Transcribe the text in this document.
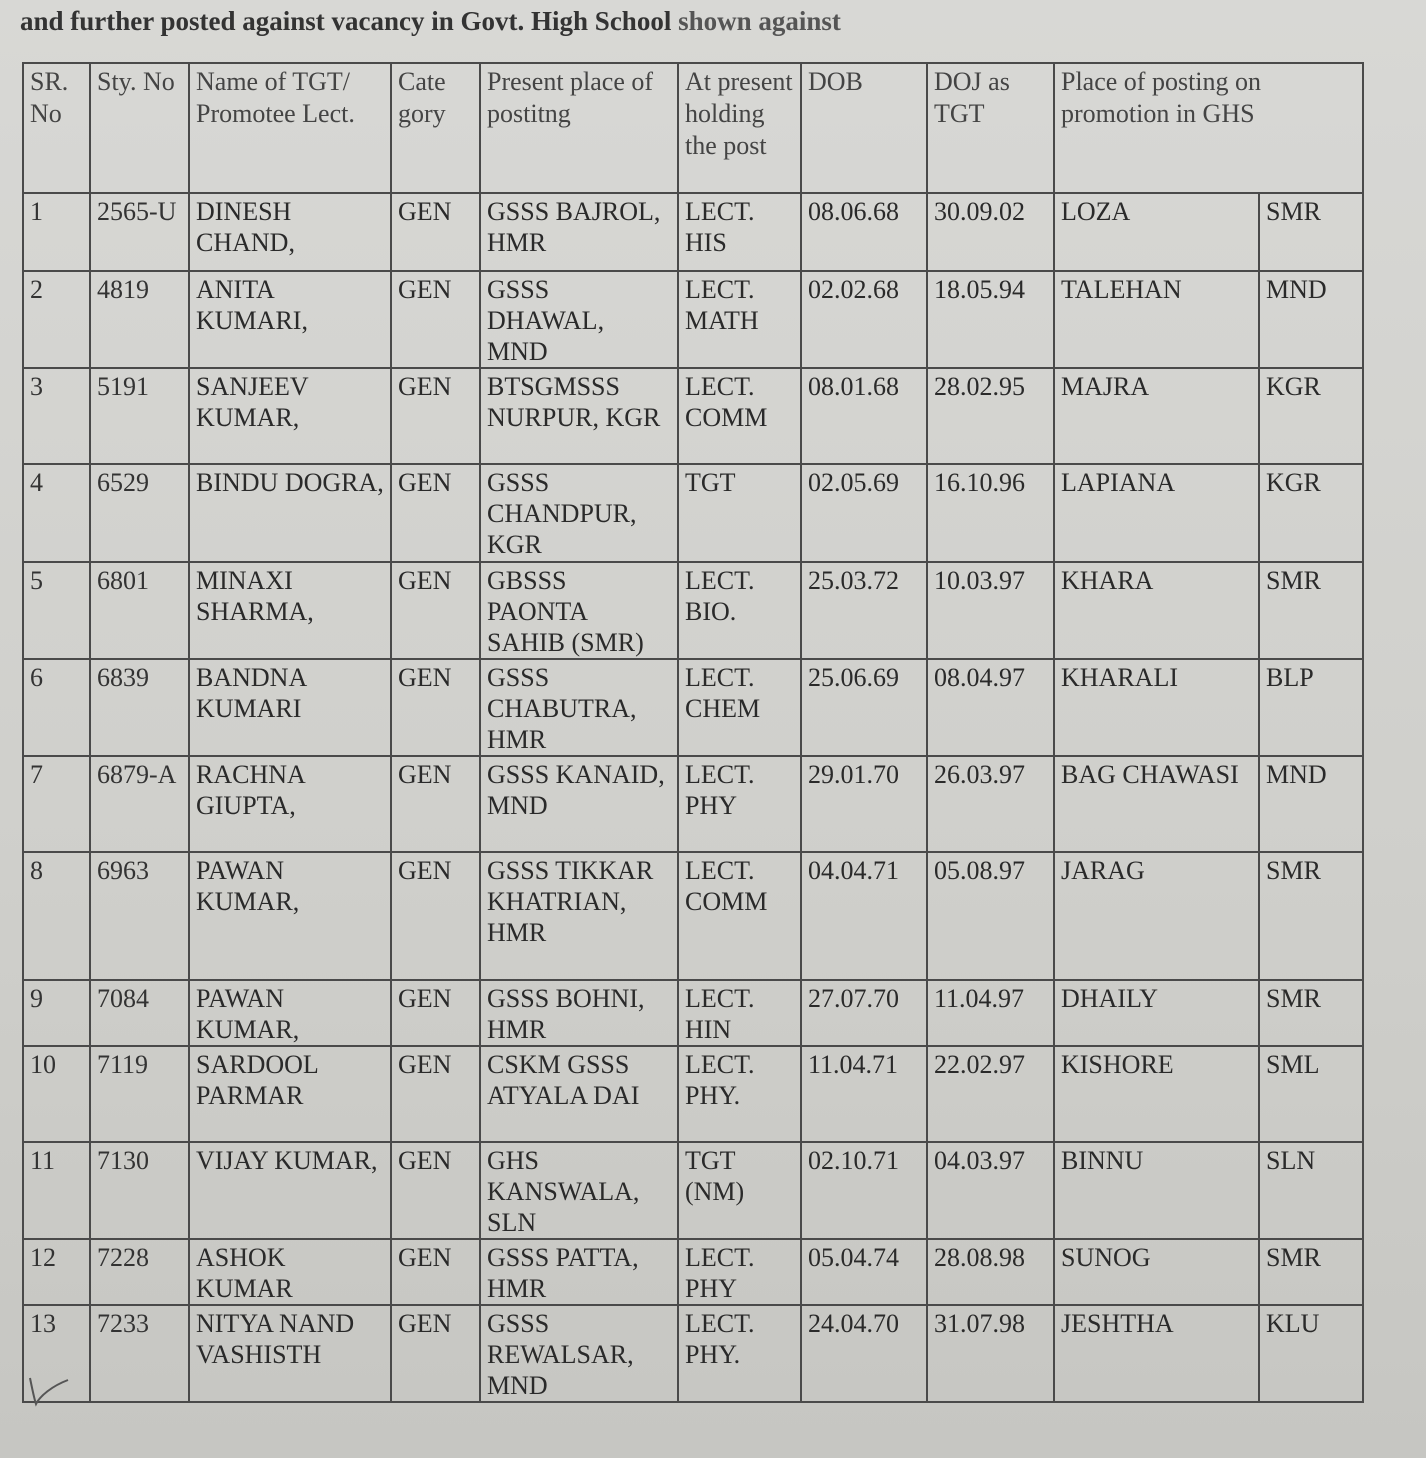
and further posted against vacancy in Govt. High School shown against
SR. No	Sty. No	Name of TGT/ Promotee Lect.	Cate gory	Present place of postitng	At present holding the post	DOB	DOJ as TGT	Place of posting on promotion in GHS	
1	2565-U	DINESH CHAND,	GEN	GSSS BAJROL, HMR	LECT. HIS	08.06.68	30.09.02	LOZA	SMR
2	4819	ANITA KUMARI,	GEN	GSSS DHAWAL, MND	LECT. MATH	02.02.68	18.05.94	TALEHAN	MND
3	5191	SANJEEV KUMAR,	GEN	BTSGMSSS NURPUR, KGR	LECT. COMM	08.01.68	28.02.95	MAJRA	KGR
4	6529	BINDU DOGRA,	GEN	GSSS CHANDPUR, KGR	TGT	02.05.69	16.10.96	LAPIANA	KGR
5	6801	MINAXI SHARMA,	GEN	GBSSS PAONTA SAHIB (SMR)	LECT. BIO.	25.03.72	10.03.97	KHARA	SMR
6	6839	BANDNA KUMARI	GEN	GSSS CHABUTRA, HMR	LECT. CHEM	25.06.69	08.04.97	KHARALI	BLP
7	6879-A	RACHNA GIUPTA,	GEN	GSSS KANAID, MND	LECT. PHY	29.01.70	26.03.97	BAG CHAWASI	MND
8	6963	PAWAN KUMAR,	GEN	GSSS TIKKAR KHATRIAN, HMR	LECT. COMM	04.04.71	05.08.97	JARAG	SMR
9	7084	PAWAN KUMAR,	GEN	GSSS BOHNI, HMR	LECT. HIN	27.07.70	11.04.97	DHAILY	SMR
10	7119	SARDOOL PARMAR	GEN	CSKM GSSS ATYALA DAI	LECT. PHY.	11.04.71	22.02.97	KISHORE	SML
11	7130	VIJAY KUMAR,	GEN	GHS KANSWALA, SLN	TGT (NM)	02.10.71	04.03.97	BINNU	SLN
12	7228	ASHOK KUMAR	GEN	GSSS PATTA, HMR	LECT. PHY	05.04.74	28.08.98	SUNOG	SMR
13	7233	NITYA NAND VASHISTH	GEN	GSSS REWALSAR, MND	LECT. PHY.	24.04.70	31.07.98	JESHTHA	KLU
